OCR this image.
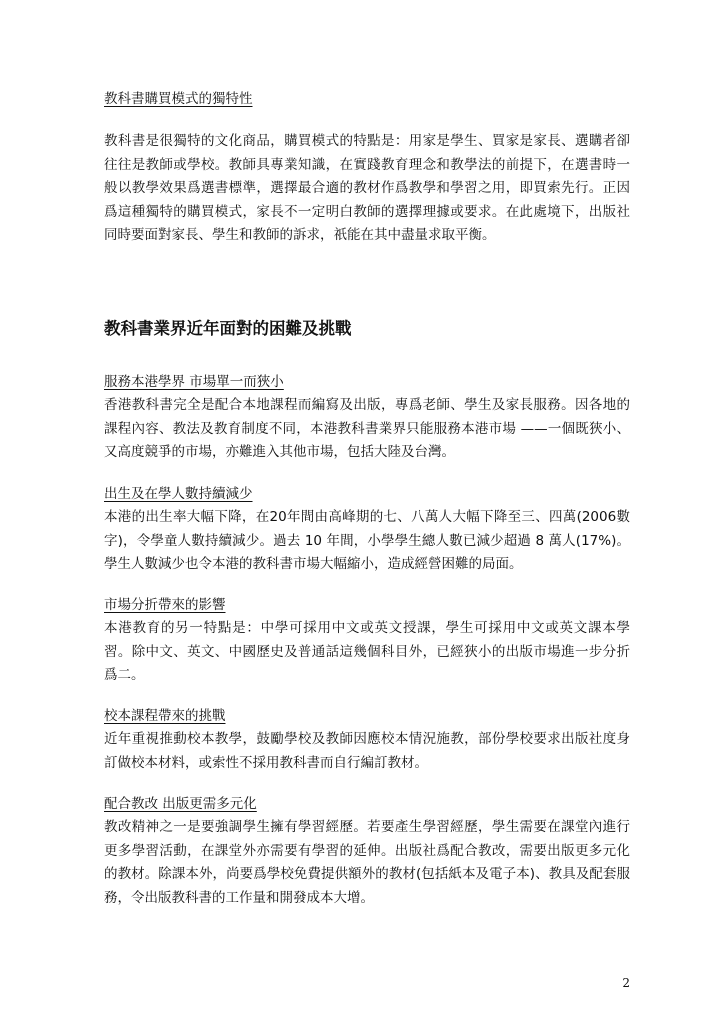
教科書購買模式的獨特性
教科書是很獨特的文化商品，購買模式的特點是：用家是學生、買家是家長、選購者卻往往是教師或學校。教師具專業知識，在實踐教育理念和教學法的前提下，在選書時一般以教學效果爲選書標準，選擇最合適的教材作爲教學和學習之用，即買索先行。正因爲這種獨特的購買模式，家長不一定明白教師的選擇理據或要求。在此處境下，出版社同時要面對家長、學生和教師的訴求，祇能在其中盡量求取平衡。
教科書業界近年面對的困難及挑戰
服務本港學界 市場單一而狹小
香港教科書完全是配合本地課程而編寫及出版，專爲老師、學生及家長服務。因各地的課程內容、教法及教育制度不同，本港教科書業界只能服務本港市場 ——一個既狹小、又高度競爭的市場，亦難進入其他市場，包括大陸及台灣。
出生及在學人數持續減少
本港的出生率大幅下降，在20年間由高峰期的七、八萬人大幅下降至三、四萬(2006數字)，令學童人數持續減少。過去 10 年間，小學學生總人數已減少超過 8 萬人(17%)。學生人數減少也令本港的教科書市場大幅縮小，造成經營困難的局面。
市場分折帶來的影響
本港教育的另一特點是：中學可採用中文或英文授課，學生可採用中文或英文課本學習。除中文、英文、中國歷史及普通話這幾個科目外，已經狹小的出版市場進一步分折爲二。
校本課程帶來的挑戰
近年重視推動校本教學，鼓勵學校及教師因應校本情況施教，部份學校要求出版社度身訂做校本材料，或索性不採用教科書而自行編訂教材。
配合教改 出版更需多元化
教改精神之一是要強調學生擁有學習經歷。若要產生學習經歷，學生需要在課堂內進行更多學習活動，在課堂外亦需要有學習的延伸。出版社爲配合教改，需要出版更多元化的教材。除課本外，尚要爲學校免費提供額外的教材(包括紙本及電子本)、教具及配套服務，令出版教科書的工作量和開發成本大增。
2
